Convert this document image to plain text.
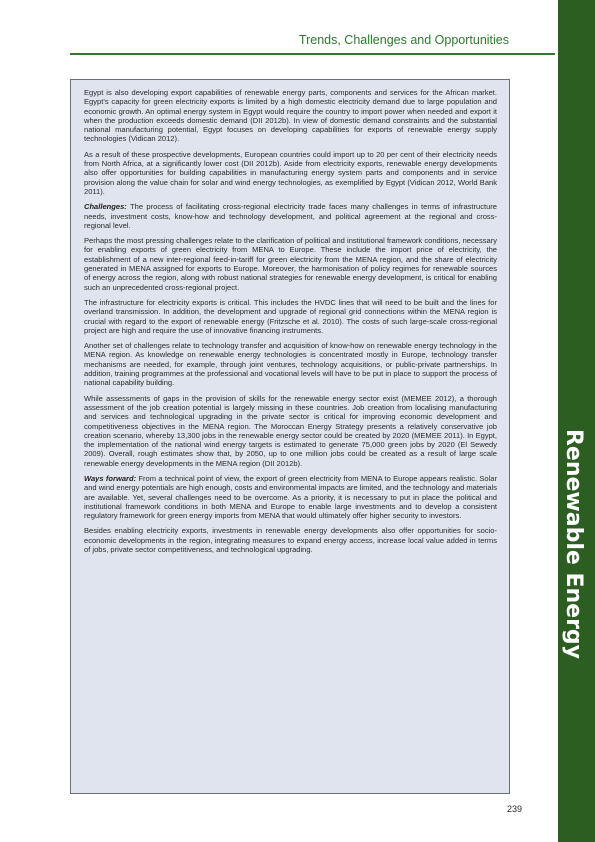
Trends, Challenges and Opportunities
Renewable Energy

Egypt is also developing export capabilities of renewable energy parts, components and services for the African market. Egypt’s capacity for green electricity exports is limited by a high domestic electricity demand due to large population and economic growth. An optimal energy system in Egypt would require the country to import power when needed and export it when the production exceeds domestic demand (DII 2012b). In view of domestic demand constraints and the substantial national manufacturing potential, Egypt focuses on developing capabilities for exports of renewable energy supply technologies (Vidican 2012).

As a result of these prospective developments, European countries could import up to 20 per cent of their electricity needs from North Africa, at a significantly lower cost (DII 2012b). Aside from electricity exports, renewable energy developments also offer opportunities for building capabilities in manufacturing energy system parts and components and in service provision along the value chain for solar and wind energy technologies, as exemplified by Egypt (Vidican 2012, World Bank 2011).

Challenges: The process of facilitating cross-regional electricity trade faces many challenges in terms of infrastructure needs, investment costs, know-how and technology development, and political agreement at the regional and cross-regional level.

Perhaps the most pressing challenges relate to the clarification of political and institutional framework conditions, necessary for enabling exports of green electricity from MENA to Europe. These include the import price of electricity, the establishment of a new inter-regional feed-in-tariff for green electricity from the MENA region, and the share of electricity generated in MENA assigned for exports to Europe. Moreover, the harmonisation of policy regimes for renewable sources of energy across the region, along with robust national strategies for renewable energy development, is critical for enabling such an unprecedented cross-regional project.

The infrastructure for electricity exports is critical. This includes the HVDC lines that will need to be built and the lines for overland transmission. In addition, the development and upgrade of regional grid connections within the MENA region is crucial with regard to the export of renewable energy (Fritzsche et al. 2010). The costs of such large-scale cross-regional project are high and require the use of innovative financing instruments.

Another set of challenges relate to technology transfer and acquisition of know-how on renewable energy technology in the MENA region. As knowledge on renewable energy technologies is concentrated mostly in Europe, technology transfer mechanisms are needed, for example, through joint ventures, technology acquisitions, or public-private partnerships. In addition, training programmes at the professional and vocational levels will have to be put in place to support the process of national capability building.

While assessments of gaps in the provision of skills for the renewable energy sector exist (MEMEE 2012), a thorough assessment of the job creation potential is largely missing in these countries. Job creation from localising manufacturing and services and technological upgrading in the private sector is critical for improving economic development and competitiveness objectives in the MENA region. The Moroccan Energy Strategy presents a relatively conservative job creation scenario, whereby 13,300 jobs in the renewable energy sector could be created by 2020 (MEMEE 2011). In Egypt, the implementation of the national wind energy targets is estimated to generate 75,000 green jobs by 2020 (El Sewedy 2009). Overall, rough estimates show that, by 2050, up to one million jobs could be created as a result of large scale renewable energy developments in the MENA region (DII 2012b).

Ways forward: From a technical point of view, the export of green electricity from MENA to Europe appears realistic. Solar and wind energy potentials are high enough, costs and environmental impacts are limited, and the technology and materials are available. Yet, several challenges need to be overcome. As a priority, it is necessary to put in place the political and institutional framework conditions in both MENA and Europe to enable large investments and to develop a consistent regulatory framework for green energy imports from MENA that would ultimately offer higher security to investors.

Besides enabling electricity exports, investments in renewable energy developments also offer opportunities for socio-economic developments in the region, integrating measures to expand energy access, increase local value added in terms of jobs, private sector competitiveness, and technological upgrading.

239
